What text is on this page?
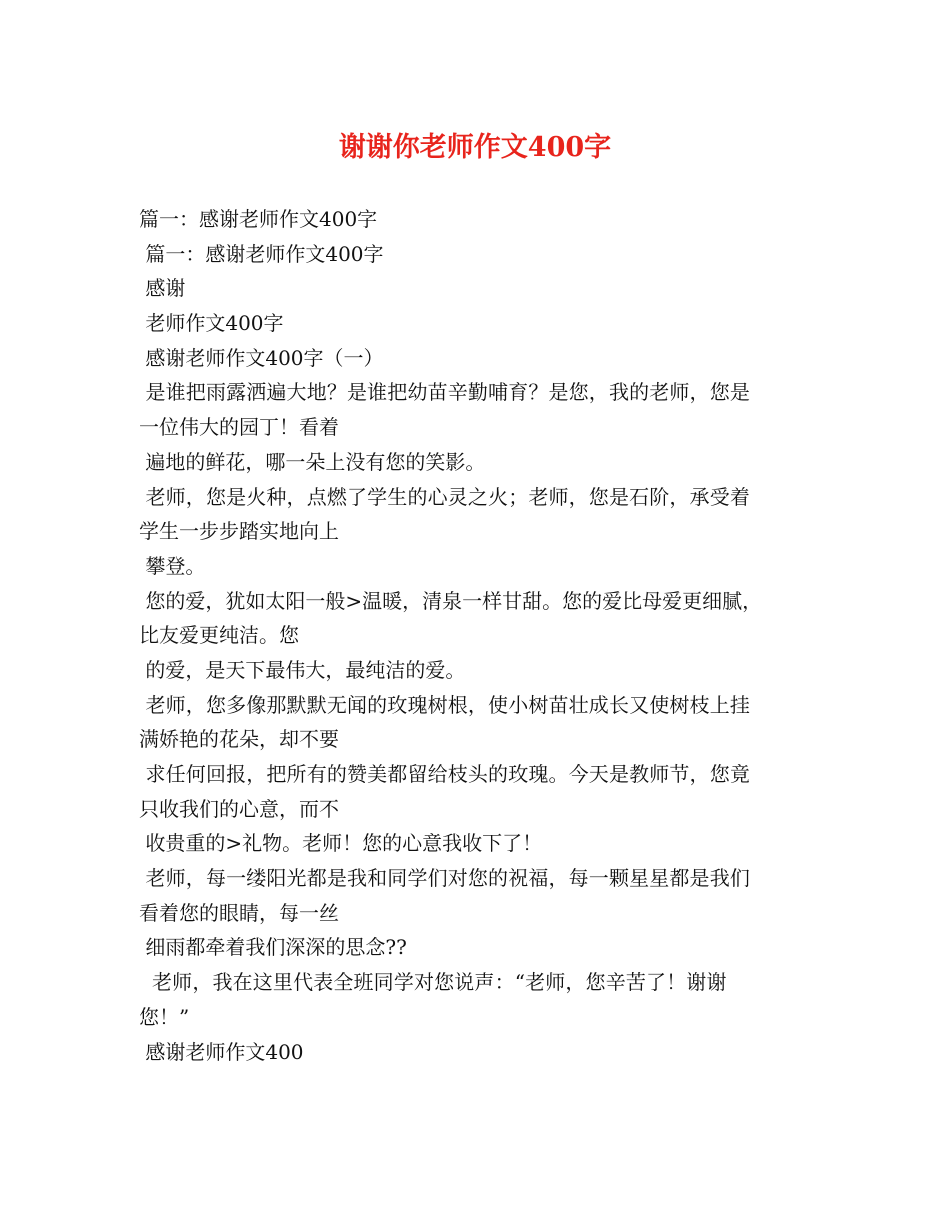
谢谢你老师作文400字
篇一：感谢老师作文400字
篇一：感谢老师作文400字
感谢
老师作文400字
感谢老师作文400字（一）
是谁把雨露洒遍大地？是谁把幼苗辛勤哺育？是您，我的老师，您是
一位伟大的园丁！看着
遍地的鲜花，哪一朵上没有您的笑影。
老师，您是火种，点燃了学生的心灵之火；老师，您是石阶，承受着
学生一步步踏实地向上
攀登。
您的爱，犹如太阳一般>温暖，清泉一样甘甜。您的爱比母爱更细腻，
比友爱更纯洁。您
的爱，是天下最伟大，最纯洁的爱。
老师，您多像那默默无闻的玫瑰树根，使小树苗壮成长又使树枝上挂
满娇艳的花朵，却不要
求任何回报，把所有的赞美都留给枝头的玫瑰。今天是教师节，您竟
只收我们的心意，而不
收贵重的>礼物。老师！您的心意我收下了！
老师，每一缕阳光都是我和同学们对您的祝福，每一颗星星都是我们
看着您的眼睛，每一丝
细雨都牵着我们深深的思念??
老师，我在这里代表全班同学对您说声：“老师，您辛苦了！谢谢
您！”
感谢老师作文400
